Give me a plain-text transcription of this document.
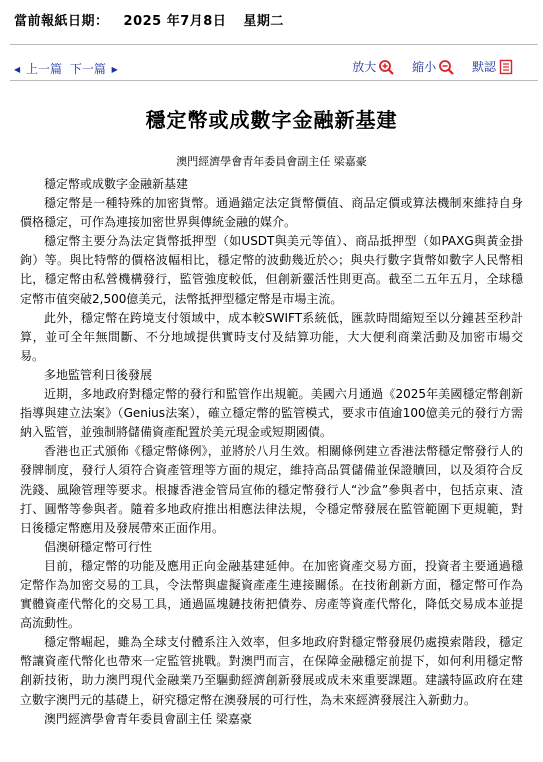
當前報紙日期： 2025 年7月8日 星期二
◀ 上一篇 下一篇 ▶	放大
	縮小
	默認
穩定幣或成數字金融新基建
澳門經濟學會青年委員會副主任 梁嘉豪

穩定幣或成數字金融新基建

穩定幣是一種特殊的加密貨幣。通過錨定法定貨幣價值、商品定價或算法機制來維持自身價格穩定，可作為連接加密世界與傳統金融的媒介。

穩定幣主要分為法定貨幣抵押型（如USDT與美元等值）、商品抵押型（如PAXG與黃金掛鉤）等。與比特幣的價格波幅相比，穩定幣的波動幾近於◇；與央行數字貨幣如數字人民幣相比，穩定幣由私營機構發行，監管強度較低，但創新靈活性則更高。截至二五年五月，全球穩定幣市值突破2,500億美元，法幣抵押型穩定幣是市場主流。

此外，穩定幣在跨境支付領域中，成本較SWIFT系統低，匯款時間縮短至以分鐘甚至秒計算，並可全年無間斷、不分地域提供實時支付及結算功能，大大便利商業活動及加密市場交易。

多地監管利日後發展

近期，多地政府對穩定幣的發行和監管作出規範。美國六月通過《2025年美國穩定幣創新指導與建立法案》（Genius法案），確立穩定幣的監管模式，要求市值逾100億美元的發行方需納入監管，並強制將儲備資產配置於美元現金或短期國債。

香港也正式頒佈《穩定幣條例》，並將於八月生效。相關條例建立香港法幣穩定幣發行人的發牌制度，發行人須符合資產管理等方面的規定，維持高品質儲備並保證贖回，以及須符合反洗錢、風險管理等要求。根據香港金管局宣佈的穩定幣發行人“沙盒”參與者中，包括京東、渣打、圓幣等參與者。隨着多地政府推出相應法律法規，令穩定幣發展在監管範圍下更規範，對日後穩定幣應用及發展帶來正面作用。

倡澳研穩定幣可行性

目前，穩定幣的功能及應用正向金融基建延伸。在加密資產交易方面，投資者主要通過穩定幣作為加密交易的工具，令法幣與虛擬資產產生連接關係。在技術創新方面，穩定幣可作為實體資產代幣化的交易工具，通過區塊鏈技術把債券、房產等資產代幣化，降低交易成本並提高流動性。

穩定幣崛起，雖為全球支付體系注入效率，但多地政府對穩定幣發展仍處摸索階段，穩定幣讓資產代幣化也帶來一定監管挑戰。對澳門而言，在保障金融穩定前提下，如何利用穩定幣創新技術，助力澳門現代金融業乃至驅動經濟創新發展或成未來重要課題。建議特區政府在建立數字澳門元的基礎上，研究穩定幣在澳發展的可行性，為未來經濟發展注入新動力。

澳門經濟學會青年委員會副主任 梁嘉豪
